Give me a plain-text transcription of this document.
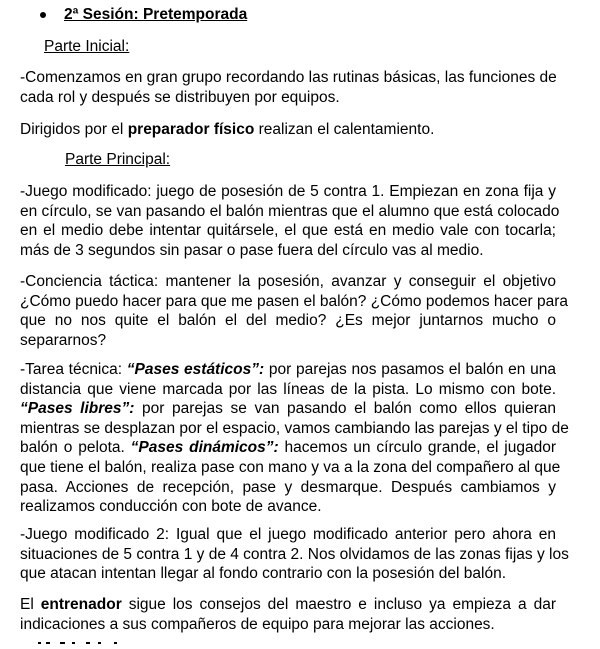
2ª Sesión: Pretemporada
Parte Inicial:

-Comenzamos en gran grupo recordando las rutinas básicas, las funciones de
cada rol y después se distribuyen por equipos.

Dirigidos por el preparador físico realizan el calentamiento.

Parte Principal:

-Juego modificado: juego de posesión de 5 contra 1. Empiezan en zona fija y
en círculo, se van pasando el balón mientras que el alumno que está colocado
en el medio debe intentar quitársele, el que está en medio vale con tocarla;
más de 3 segundos sin pasar o pase fuera del círculo vas al medio.

-Conciencia táctica: mantener la posesión, avanzar y conseguir el objetivo
¿Cómo puedo hacer para que me pasen el balón? ¿Cómo podemos hacer para
que no nos quite el balón el del medio? ¿Es mejor juntarnos mucho o
separarnos?

-Tarea técnica: “Pases estáticos”: por parejas nos pasamos el balón en una
distancia que viene marcada por las líneas de la pista. Lo mismo con bote.
“Pases libres”: por parejas se van pasando el balón como ellos quieran
mientras se desplazan por el espacio, vamos cambiando las parejas y el tipo de
balón o pelota. “Pases dinámicos”: hacemos un círculo grande, el jugador
que tiene el balón, realiza pase con mano y va a la zona del compañero al que
pasa. Acciones de recepción, pase y desmarque. Después cambiamos y
realizamos conducción con bote de avance.

-Juego modificado 2: Igual que el juego modificado anterior pero ahora en
situaciones de 5 contra 1 y de 4 contra 2. Nos olvidamos de las zonas fijas y los
que atacan intentan llegar al fondo contrario con la posesión del balón.

El entrenador sigue los consejos del maestro e incluso ya empieza a dar
indicaciones a sus compañeros de equipo para mejorar las acciones.
